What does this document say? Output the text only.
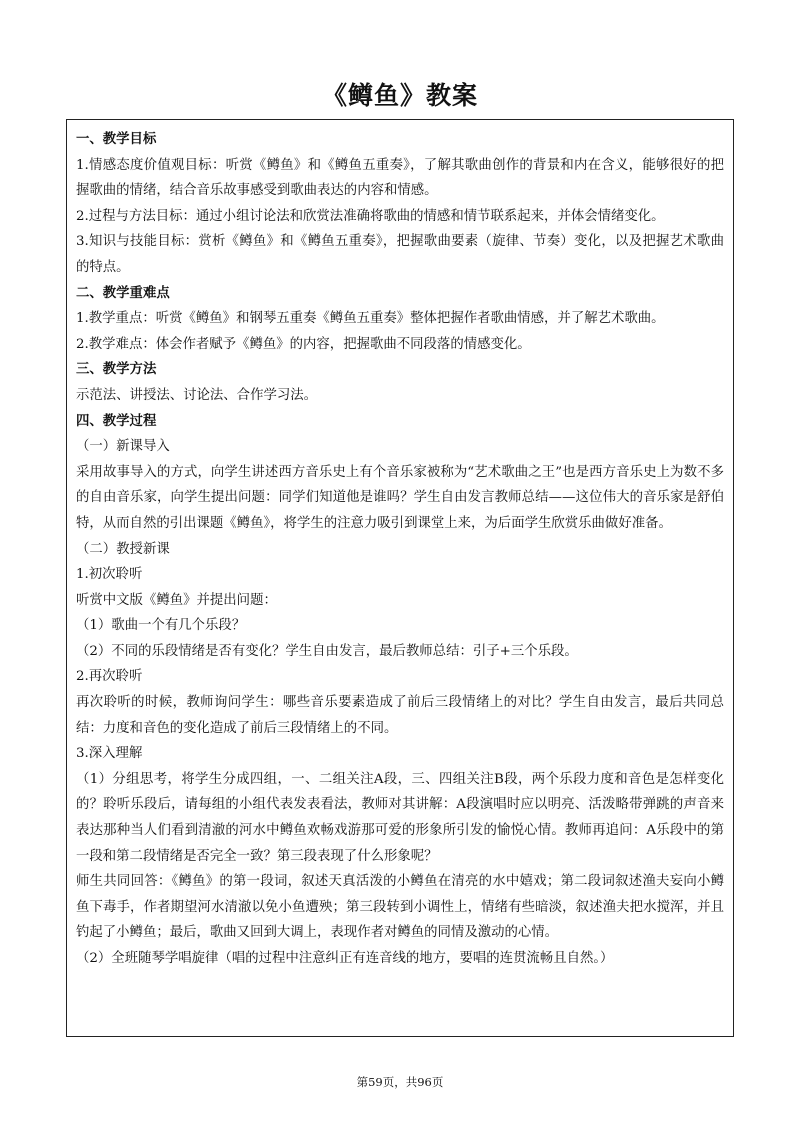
《鳟鱼》教案

一、教学目标

1.情感态度价值观目标：听赏《鳟鱼》和《鳟鱼五重奏》，了解其歌曲创作的背景和内在含义，能够很好的把握歌曲的情绪，结合音乐故事感受到歌曲表达的内容和情感。

2.过程与方法目标：通过小组讨论法和欣赏法准确将歌曲的情感和情节联系起来，并体会情绪变化。

3.知识与技能目标：赏析《鳟鱼》和《鳟鱼五重奏》，把握歌曲要素（旋律、节奏）变化，以及把握艺术歌曲的特点。

二、教学重难点

1.教学重点：听赏《鳟鱼》和钢琴五重奏《鳟鱼五重奏》整体把握作者歌曲情感，并了解艺术歌曲。

2.教学难点：体会作者赋予《鳟鱼》的内容，把握歌曲不同段落的情感变化。

三、教学方法

示范法、讲授法、讨论法、合作学习法。

四、教学过程

（一）新课导入

采用故事导入的方式，向学生讲述西方音乐史上有个音乐家被称为“艺术歌曲之王”也是西方音乐史上为数不多的自由音乐家，向学生提出问题：同学们知道他是谁吗？学生自由发言教师总结——这位伟大的音乐家是舒伯特，从而自然的引出课题《鳟鱼》，将学生的注意力吸引到课堂上来，为后面学生欣赏乐曲做好准备。

（二）教授新课

1.初次聆听

听赏中文版《鳟鱼》并提出问题：

（1）歌曲一个有几个乐段？

（2）不同的乐段情绪是否有变化？学生自由发言，最后教师总结：引子+三个乐段。

2.再次聆听

再次聆听的时候，教师询问学生：哪些音乐要素造成了前后三段情绪上的对比？学生自由发言，最后共同总结：力度和音色的变化造成了前后三段情绪上的不同。

3.深入理解

（1）分组思考，将学生分成四组，一、二组关注A段，三、四组关注B段，两个乐段力度和音色是怎样变化的？聆听乐段后，请每组的小组代表发表看法，教师对其讲解：A段演唱时应以明亮、活泼略带弹跳的声音来表达那种当人们看到清澈的河水中鳟鱼欢畅戏游那可爱的形象所引发的愉悦心情。教师再追问：A乐段中的第一段和第二段情绪是否完全一致？第三段表现了什么形象呢？

师生共同回答：《鳟鱼》的第一段词，叙述天真活泼的小鳟鱼在清亮的水中嬉戏；第二段词叙述渔夫妄向小鳟鱼下毒手，作者期望河水清澈以免小鱼遭殃；第三段转到小调性上，情绪有些暗淡，叙述渔夫把水搅浑，并且钓起了小鳟鱼；最后，歌曲又回到大调上，表现作者对鳟鱼的同情及激动的心情。

（2）全班随琴学唱旋律（唱的过程中注意纠正有连音线的地方，要唱的连贯流畅且自然。）

第59页，共96页
